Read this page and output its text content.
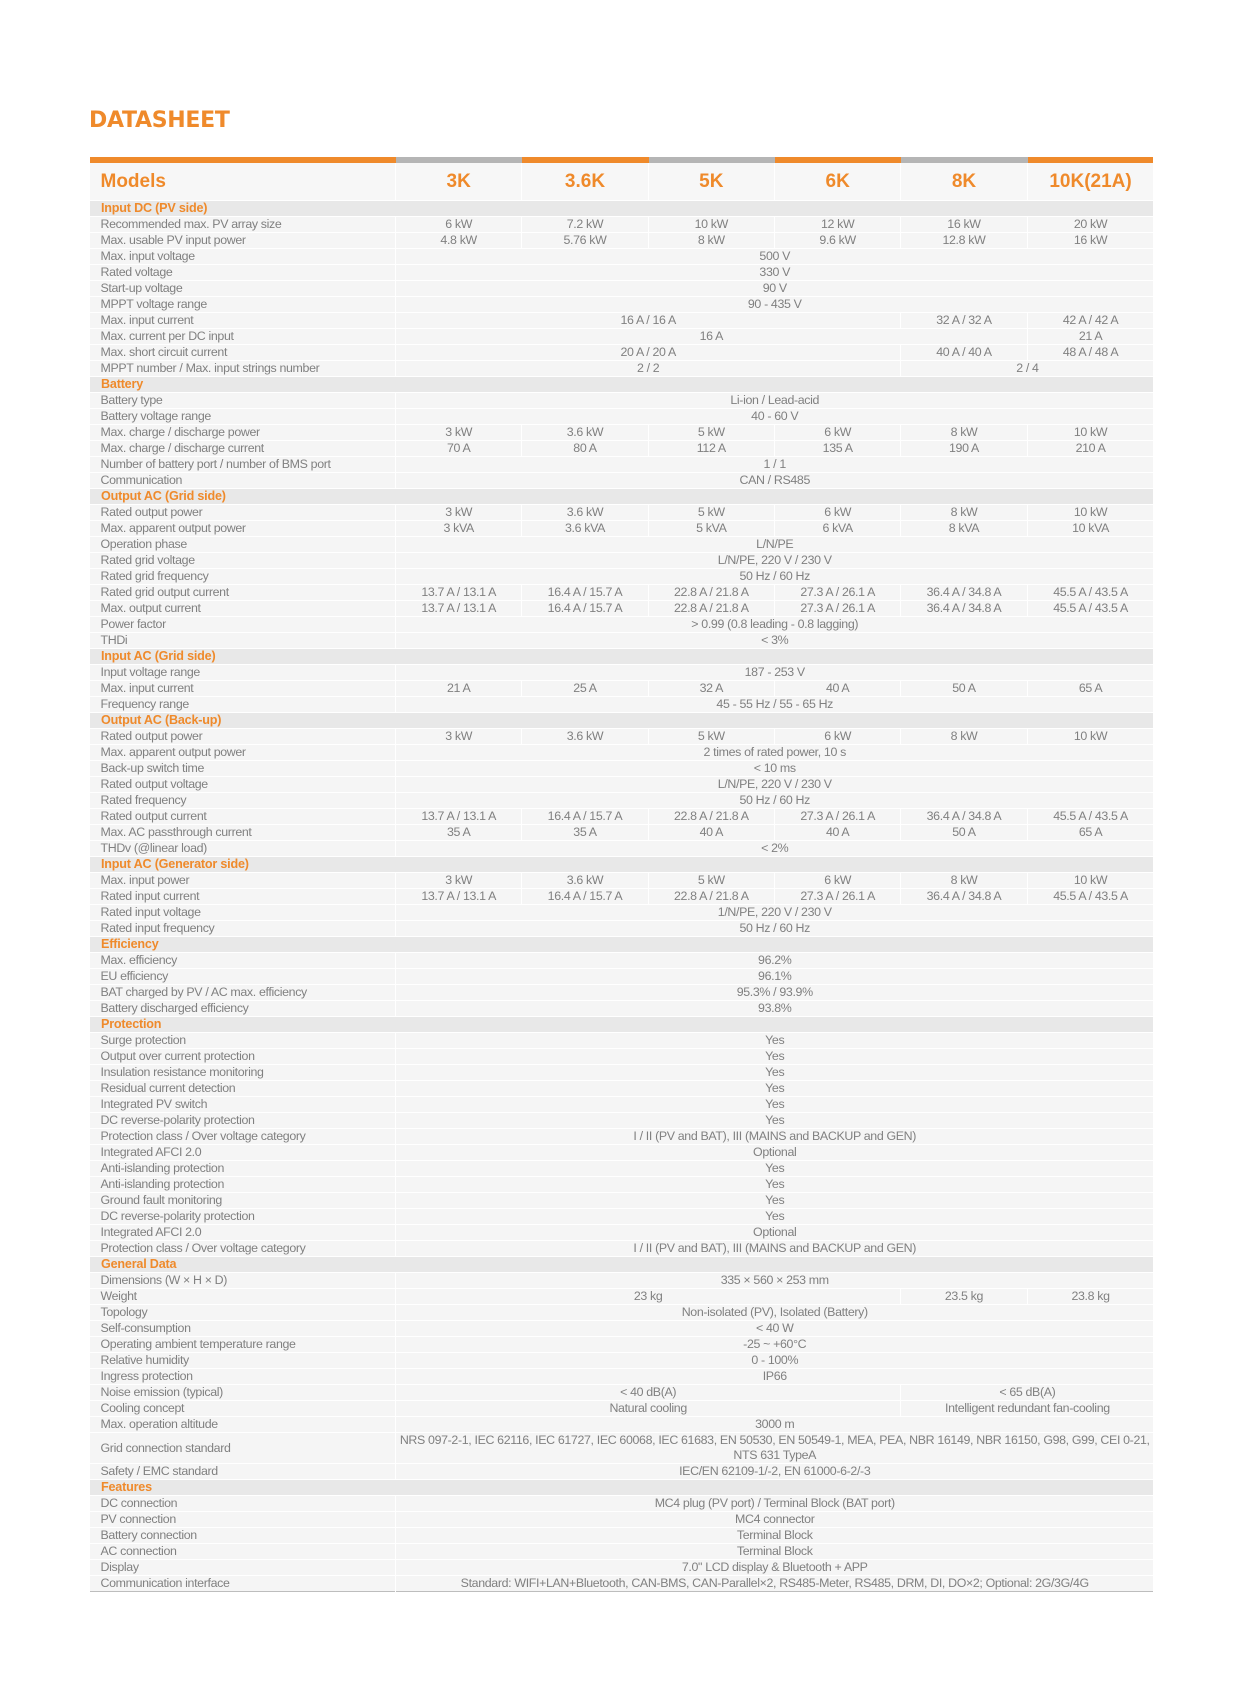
DATASHEET
Models	3K	3.6K	5K	6K	8K	10K(21A)
Input DC (PV side)						
Recommended max. PV array size	6 kW	7.2 kW	10 kW	12 kW	16 kW	20 kW
Max. usable PV input power	4.8 kW	5.76 kW	8 kW	9.6 kW	12.8 kW	16 kW
Max. input voltage	500 V					
Rated voltage	330 V					
Start-up voltage	90 V					
MPPT voltage range	90 - 435 V					
Max. input current	16 A / 16 A				32 A / 32 A	42 A / 42 A
Max. current per DC input	16 A					21 A
Max. short circuit current	20 A / 20 A				40 A / 40 A	48 A / 48 A
MPPT number / Max. input strings number	2 / 2				2 / 4	
Battery						
Battery type	Li-ion / Lead-acid					
Battery voltage range	40 - 60 V					
Max. charge / discharge power	3 kW	3.6 kW	5 kW	6 kW	8 kW	10 kW
Max. charge / discharge current	70 A	80 A	112 A	135 A	190 A	210 A
Number of battery port / number of BMS port	1 / 1					
Communication	CAN / RS485					
Output AC (Grid side)						
Rated output power	3 kW	3.6 kW	5 kW	6 kW	8 kW	10 kW
Max. apparent output power	3 kVA	3.6 kVA	5 kVA	6 kVA	8 kVA	10 kVA
Operation phase	L/N/PE					
Rated grid voltage	L/N/PE, 220 V / 230 V					
Rated grid frequency	50 Hz / 60 Hz					
Rated grid output current	13.7 A / 13.1 A	16.4 A / 15.7 A	22.8 A / 21.8 A	27.3 A / 26.1 A	36.4 A / 34.8 A	45.5 A / 43.5 A
Max. output current	13.7 A / 13.1 A	16.4 A / 15.7 A	22.8 A / 21.8 A	27.3 A / 26.1 A	36.4 A / 34.8 A	45.5 A / 43.5 A
Power factor	> 0.99 (0.8 leading - 0.8 lagging)					
THDi	< 3%					
Input AC (Grid side)						
Input voltage range	187 - 253 V					
Max. input current	21 A	25 A	32 A	40 A	50 A	65 A
Frequency range	45 - 55 Hz / 55 - 65 Hz					
Output AC (Back-up)						
Rated output power	3 kW	3.6 kW	5 kW	6 kW	8 kW	10 kW
Max. apparent output power	2 times of rated power, 10 s					
Back-up switch time	< 10 ms					
Rated output voltage	L/N/PE, 220 V / 230 V					
Rated frequency	50 Hz / 60 Hz					
Rated output current	13.7 A / 13.1 A	16.4 A / 15.7 A	22.8 A / 21.8 A	27.3 A / 26.1 A	36.4 A / 34.8 A	45.5 A / 43.5 A
Max. AC passthrough current	35 A	35 A	40 A	40 A	50 A	65 A
THDv (@linear load)	< 2%					
Input AC (Generator side)						
Max. input power	3 kW	3.6 kW	5 kW	6 kW	8 kW	10 kW
Rated input current	13.7 A / 13.1 A	16.4 A / 15.7 A	22.8 A / 21.8 A	27.3 A / 26.1 A	36.4 A / 34.8 A	45.5 A / 43.5 A
Rated input voltage	1/N/PE, 220 V / 230 V					
Rated input frequency	50 Hz / 60 Hz					
Efficiency						
Max. efficiency	96.2%					
EU efficiency	96.1%					
BAT charged by PV / AC max. efficiency	95.3% / 93.9%					
Battery discharged efficiency	93.8%					
Protection						
Surge protection	Yes					
Output over current protection	Yes					
Insulation resistance monitoring	Yes					
Residual current detection	Yes					
Integrated PV switch	Yes					
DC reverse-polarity protection	Yes					
Protection class / Over voltage category	I / II (PV and BAT), III (MAINS and BACKUP and GEN)					
Integrated AFCI 2.0	Optional					
Anti-islanding protection	Yes					
Anti-islanding protection	Yes					
Ground fault monitoring	Yes					
DC reverse-polarity protection	Yes					
Integrated AFCI 2.0	Optional					
Protection class / Over voltage category	I / II (PV and BAT), III (MAINS and BACKUP and GEN)					
General Data						
Dimensions (W × H × D)	335 × 560 × 253 mm					
Weight	23 kg				23.5 kg	23.8 kg
Topology	Non-isolated (PV), Isolated (Battery)					
Self-consumption	< 40 W					
Operating ambient temperature range	-25 ~ +60°C					
Relative humidity	0 - 100%					
Ingress protection	IP66					
Noise emission (typical)	< 40 dB(A)				< 65 dB(A)	
Cooling concept	Natural cooling				Intelligent redundant fan-cooling	
Max. operation altitude	3000 m					
Grid connection standard	NRS 097-2-1, IEC 62116, IEC 61727, IEC 60068, IEC 61683, EN 50530, EN 50549-1, MEA, PEA, NBR 16149, NBR 16150, G98, G99, CEI 0-21, NTS 631 TypeA					
Safety / EMC standard	IEC/EN 62109-1/-2, EN 61000-6-2/-3					
Features						
DC connection	MC4 plug (PV port) / Terminal Block (BAT port)					
PV connection	MC4 connector					
Battery connection	Terminal Block					
AC connection	Terminal Block					
Display	7.0" LCD display & Bluetooth + APP					
Communication interface	Standard: WIFI+LAN+Bluetooth, CAN-BMS, CAN-Parallel×2, RS485-Meter, RS485, DRM, DI, DO×2; Optional: 2G/3G/4G					
